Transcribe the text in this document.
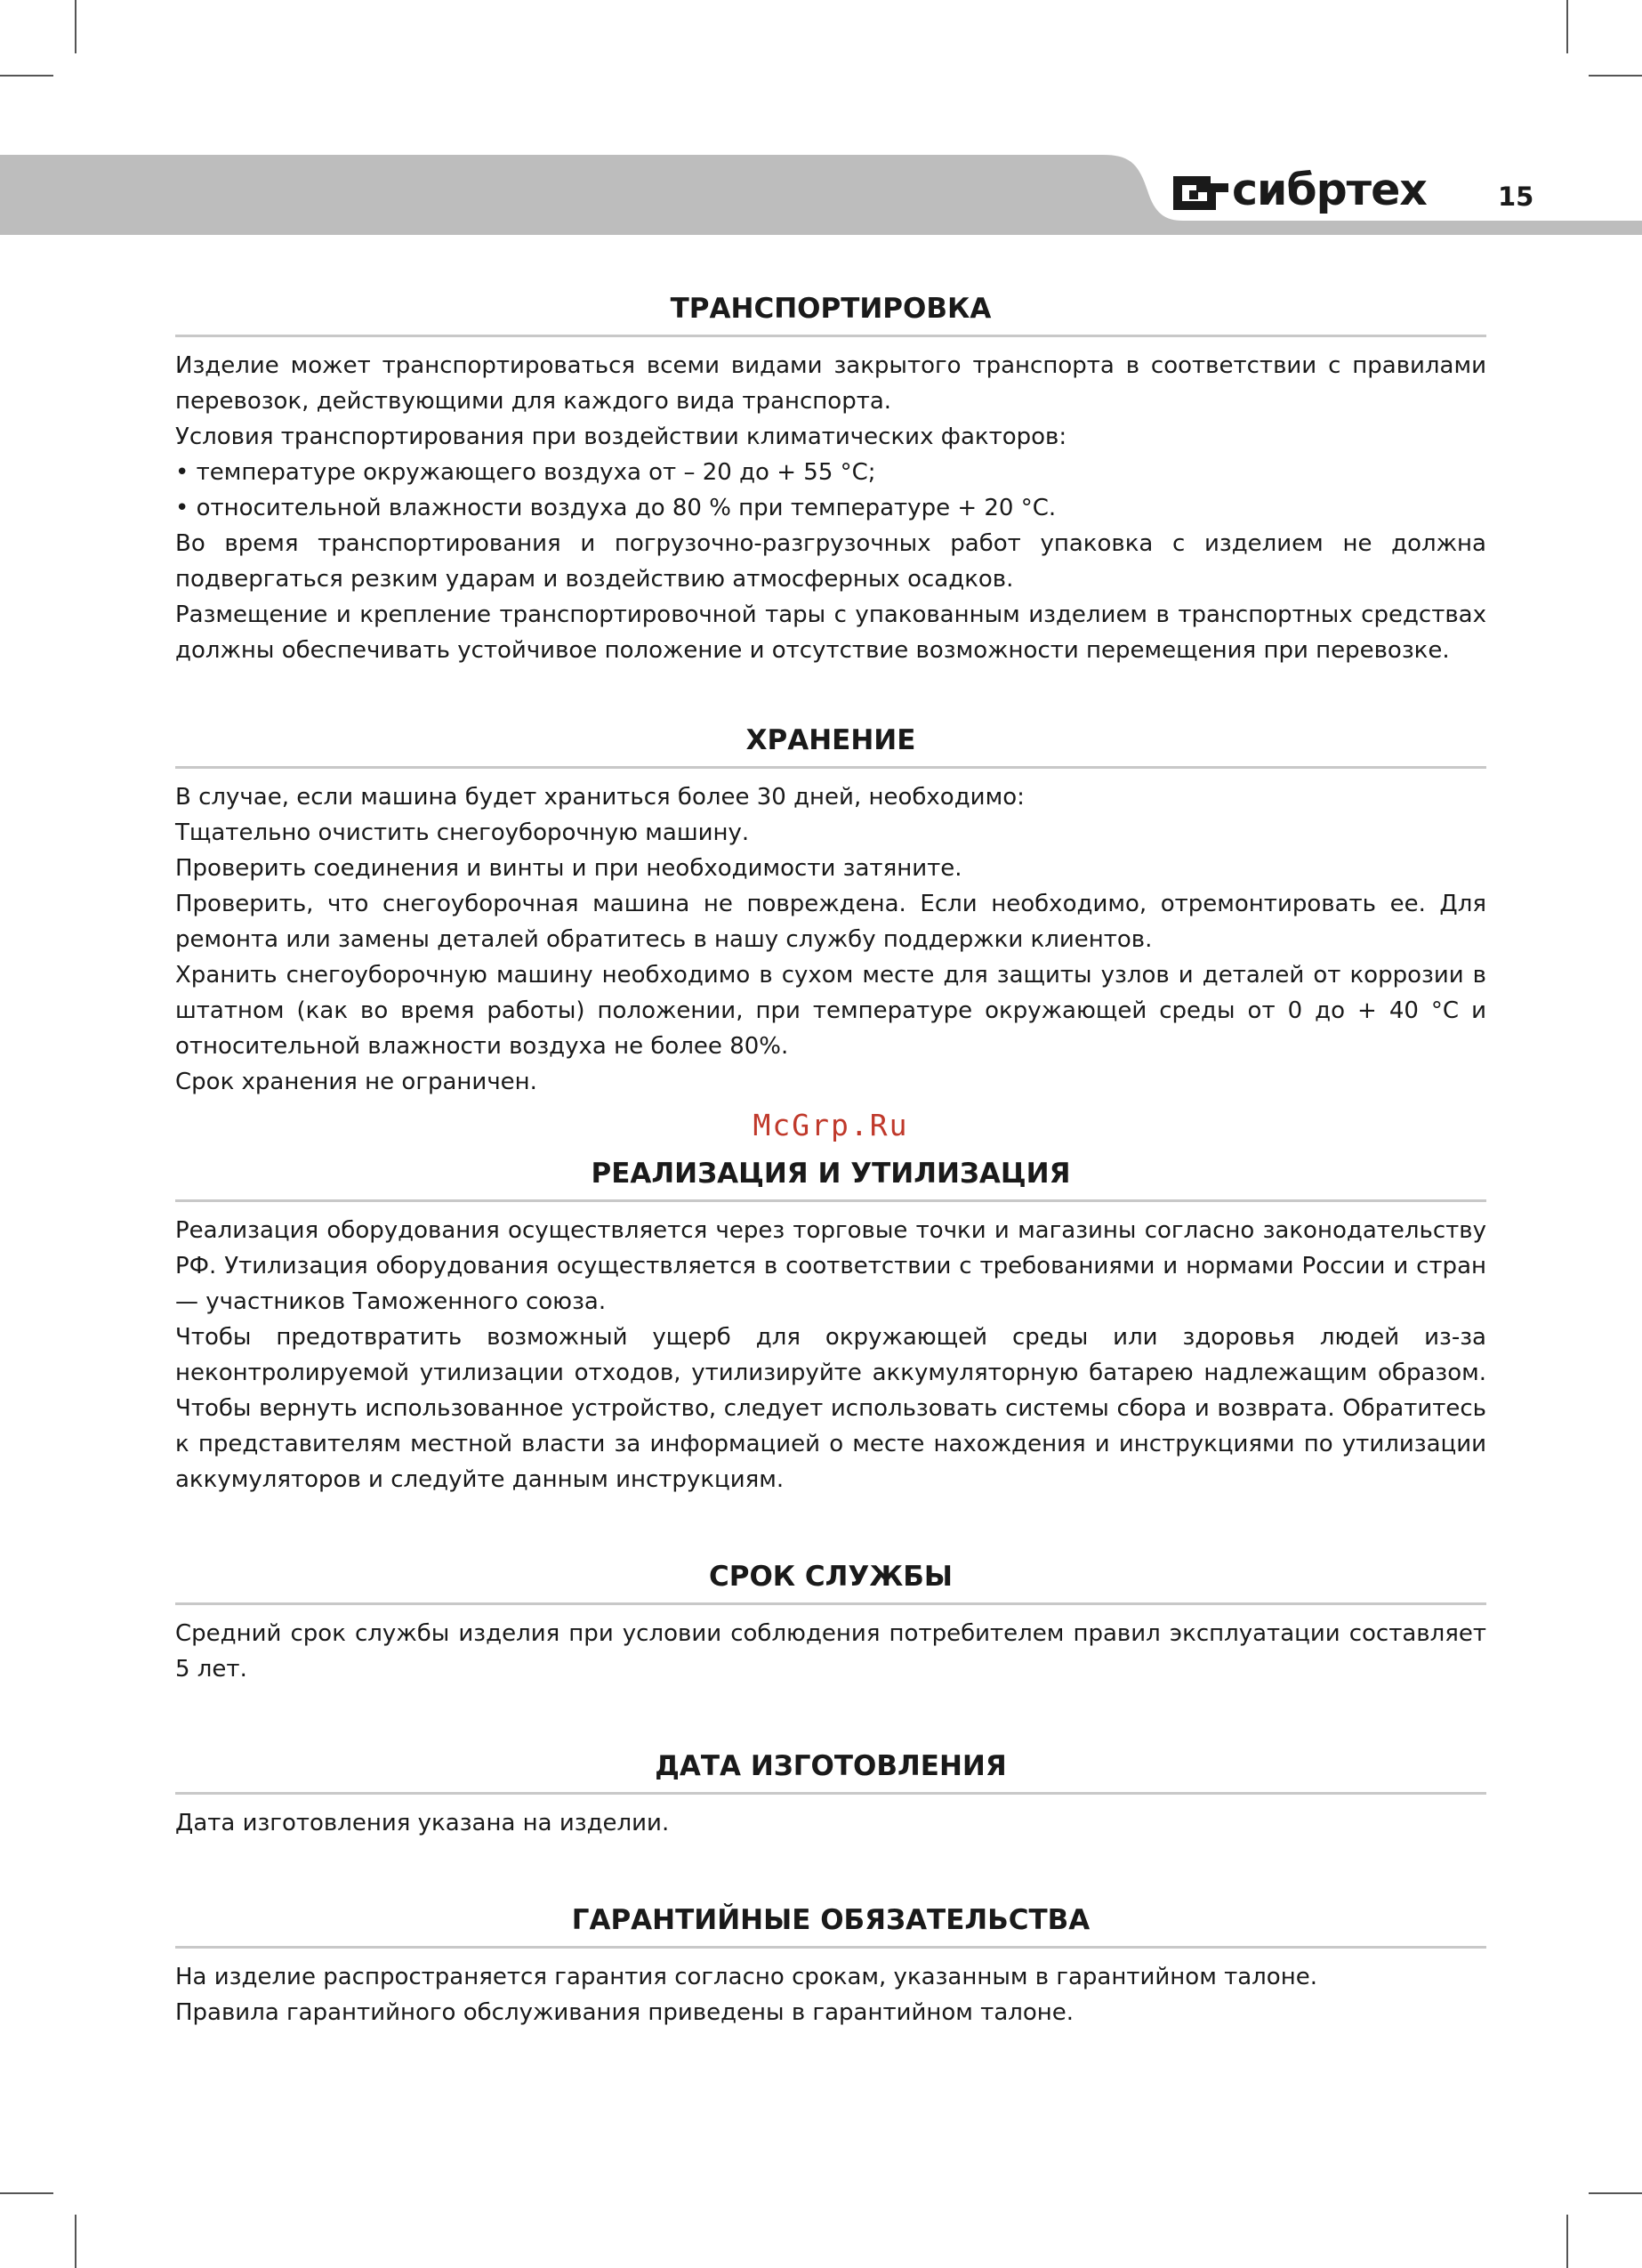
сибртех	15
ТРАНСПОРТИРОВКА

Изделие может транспортироваться всеми видами закрытого транспорта в соответствии с правилами перевозок, действующими для каждого вида транспорта.

Условия транспортирования при воздействии климатических факторов:

• температуре окружающего воздуха от – 20 до + 55 °С;

• относительной влажности воздуха до 80 % при температуре + 20 °С.

Во время транспортирования и погрузочно-разгрузочных работ упаковка с изделием не должна подвергаться резким ударам и воздействию атмосферных осадков.

Размещение и крепление транспортировочной тары с упакованным изделием в транспортных средствах должны обеспечивать устойчивое положение и отсутствие возможности перемещения при перевозке.

ХРАНЕНИЕ

В случае, если машина будет храниться более 30 дней, необходимо:

Тщательно очистить снегоуборочную машину.

Проверить соединения и винты и при необходимости затяните.

Проверить, что снегоуборочная машина не повреждена. Если необходимо, отремонтировать ее. Для ремонта или замены деталей обратитесь в нашу службу поддержки клиентов.

Хранить снегоуборочную машину необходимо в сухом месте для защиты узлов и деталей от коррозии в штатном (как во время работы) положении, при температуре окружающей среды от 0 до + 40 °С и относительной влажности воздуха не более 80%.

Срок хранения не ограничен.

McGrp.Ru
РЕАЛИЗАЦИЯ И УТИЛИЗАЦИЯ

Реализация оборудования осуществляется через торговые точки и магазины согласно законодательству РФ. Утилизация оборудования осуществляется в соответствии с требованиями и нормами России и стран — участников Таможенного союза.

Чтобы предотвратить возможный ущерб для окружающей среды или здоровья людей из-за неконтролируемой утилизации отходов, утилизируйте аккумуляторную батарею надлежащим образом. Чтобы вернуть использованное устройство, следует использовать системы сбора и возврата. Обратитесь к представителям местной власти за информацией о месте нахождения и инструкциями по утилизации аккумуляторов и следуйте данным инструкциям.

СРОК СЛУЖБЫ

Средний срок службы изделия при условии соблюдения потребителем правил эксплуатации составляет 5 лет.

ДАТА ИЗГОТОВЛЕНИЯ

Дата изготовления указана на изделии.

ГАРАНТИЙНЫЕ ОБЯЗАТЕЛЬСТВА

На изделие распространяется гарантия согласно срокам, указанным в гарантийном талоне.

Правила гарантийного обслуживания приведены в гарантийном талоне.
